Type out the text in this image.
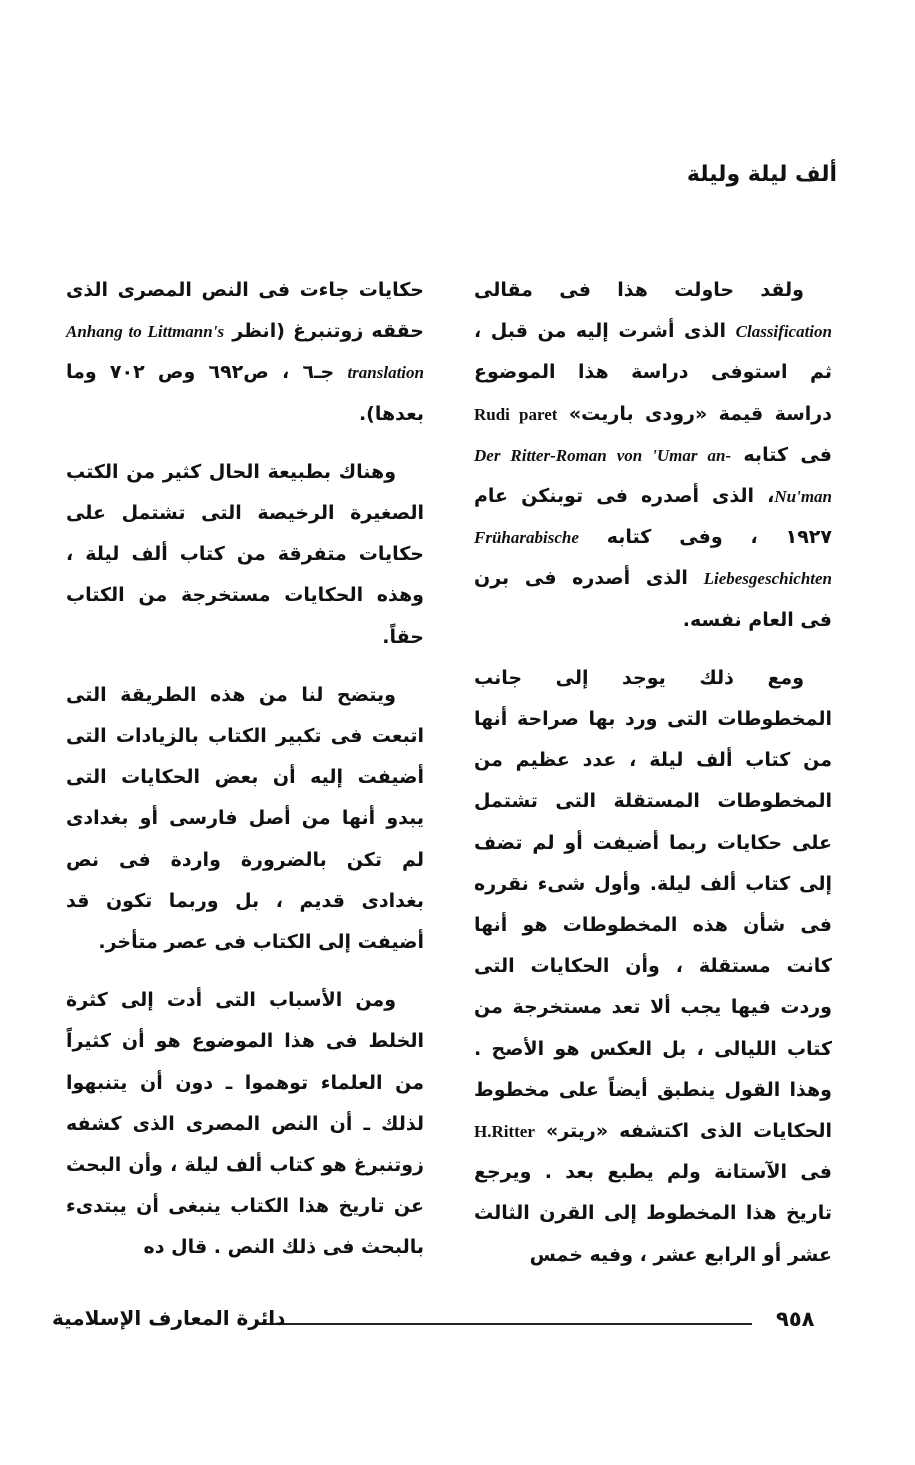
ألف ليلة وليلة

ولقد حاولت هذا فى مقالى Classification الذى أشرت إليه من قبل ، ثم استوفى دراسة هذا الموضوع دراسة قيمة «رودى باريت» Rudi paret فى كتابه Der Ritter-Roman von 'Umar an-Nu'man، الذى أصدره فى توبنكن عام ١٩٢٧ ، وفى كتابه Früharabische Liebesgeschichten الذى أصدره فى برن فى العام نفسه.

ومع ذلك يوجد إلى جانب المخطوطات التى ورد بها صراحة أنها من كتاب ألف ليلة ، عدد عظيم من المخطوطات المستقلة التى تشتمل على حكايات ربما أضيفت أو لم تضف إلى كتاب ألف ليلة. وأول شىء نقرره فى شأن هذه المخطوطات هو أنها كانت مستقلة ، وأن الحكايات التى وردت فيها يجب ألا تعد مستخرجة من كتاب الليالى ، بل العكس هو الأصح . وهذا القول ينطبق أيضاً على مخطوط الحكايات الذى اكتشفه «ريتر» H.Ritter فى الآستانة ولم يطبع بعد . ويرجع تاريخ هذا المخطوط إلى القرن الثالث عشر أو الرابع عشر ، وفيه خمس

حكايات جاءت فى النص المصرى الذى حققه زوتنبرغ (انظر Anhang to Littmann's translation جـ٦ ، ص٦٩٢ وص ٧٠٢ وما بعدها).

وهناك بطبيعة الحال كثير من الكتب الصغيرة الرخيصة التى تشتمل على حكايات متفرقة من كتاب ألف ليلة ، وهذه الحكايات مستخرجة من الكتاب حقاً.

ويتضح لنا من هذه الطريقة التى اتبعت فى تكبير الكتاب بالزيادات التى أضيفت إليه أن بعض الحكايات التى يبدو أنها من أصل فارسى أو بغدادى لم تكن بالضرورة واردة فى نص بغدادى قديم ، بل وربما تكون قد أضيفت إلى الكتاب فى عصر متأخر.

ومن الأسباب التى أدت إلى كثرة الخلط فى هذا الموضوع هو أن كثيراً من العلماء توهموا ـ دون أن يتنبهوا لذلك ـ أن النص المصرى الذى كشفه زوتنبرغ هو كتاب ألف ليلة ، وأن البحث عن تاريخ هذا الكتاب ينبغى أن يبتدىء بالبحث فى ذلك النص . قال ده

٩٥٨
دائرة المعارف الإسلامية
